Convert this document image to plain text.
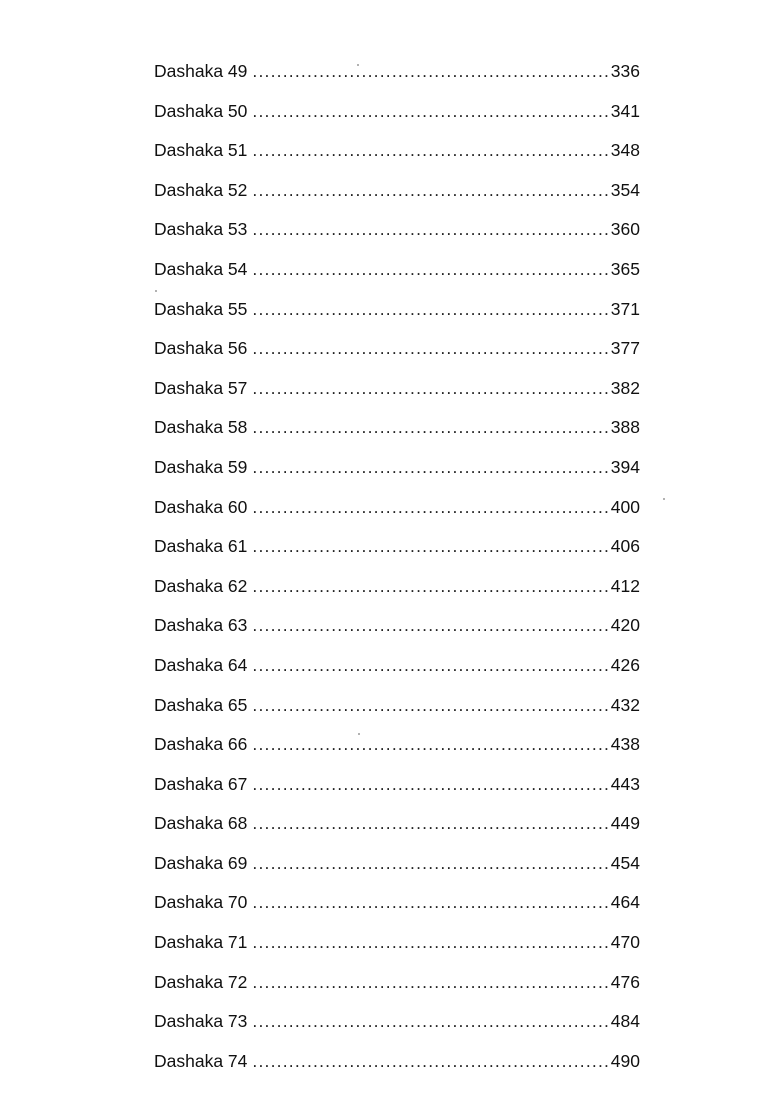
Dashaka 49 .....	336
Dashaka 50 .....	341
Dashaka 51 .....	348
Dashaka 52 .....	354
Dashaka 53 .....	360
Dashaka 54 .....	365
Dashaka 55 .....	371
Dashaka 56 .....	377
Dashaka 57 .....	382
Dashaka 58 .....	388
Dashaka 59 .....	394
Dashaka 60 .....	400
Dashaka 61 .....	406
Dashaka 62 .....	412
Dashaka 63 .....	420
Dashaka 64 .....	426
Dashaka 65 .....	432
Dashaka 66 .....	438
Dashaka 67 .....	443
Dashaka 68 .....	449
Dashaka 69 .....	454
Dashaka 70 .....	464
Dashaka 71 .....	470
Dashaka 72 .....	476
Dashaka 73 .....	484
Dashaka 74 .....	490
